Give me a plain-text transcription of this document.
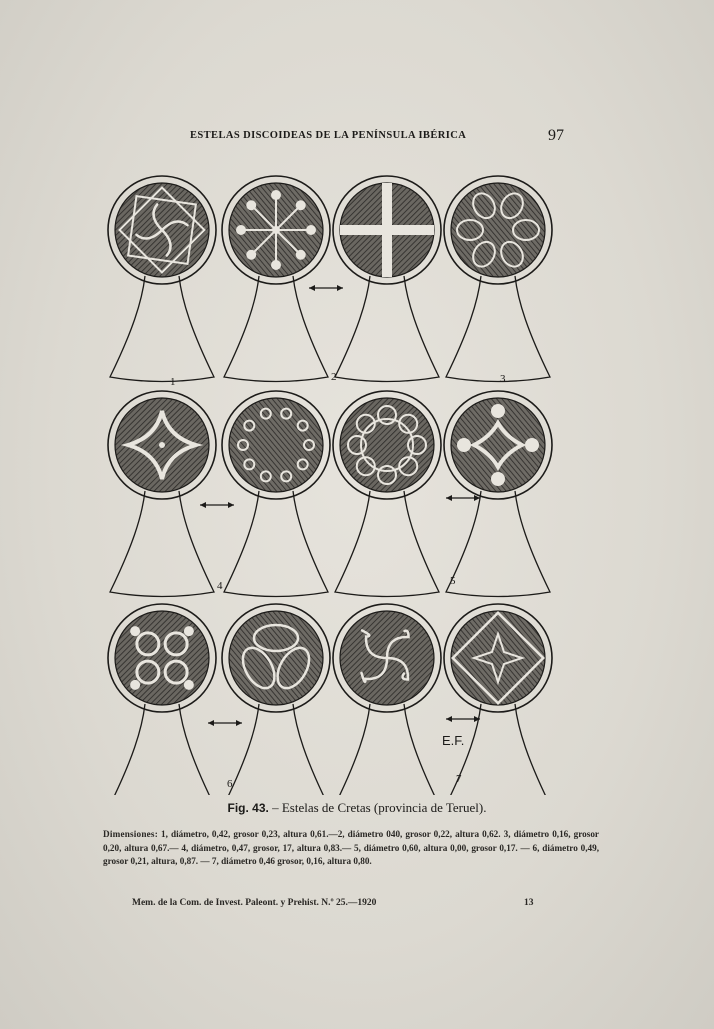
ESTELAS DISCOIDEAS DE LA PENÍNSULA IBÉRICA	97
1	2	3
4	5
6	7
E.F.
Fig. 43. – Estelas de Cretas (provincia de Teruel).
Dimensiones: 1, diámetro, 0,42, grosor 0,23, altura 0,61.—2, diámetro 040, grosor 0,22, altura 0,62. 3, diámetro 0,16, grosor 0,20, altura 0,67.— 4, diámetro, 0,47, grosor, 17, altura 0,83.— 5, diámetro 0,60, altura 0,00, grosor 0,17. — 6, diámetro 0,49, grosor 0,21, altura, 0,87. — 7, diámetro 0,46 grosor, 0,16, altura 0,80.
Mem. de la Com. de Invest. Paleont. y Prehist. N.º 25.—1920	13
